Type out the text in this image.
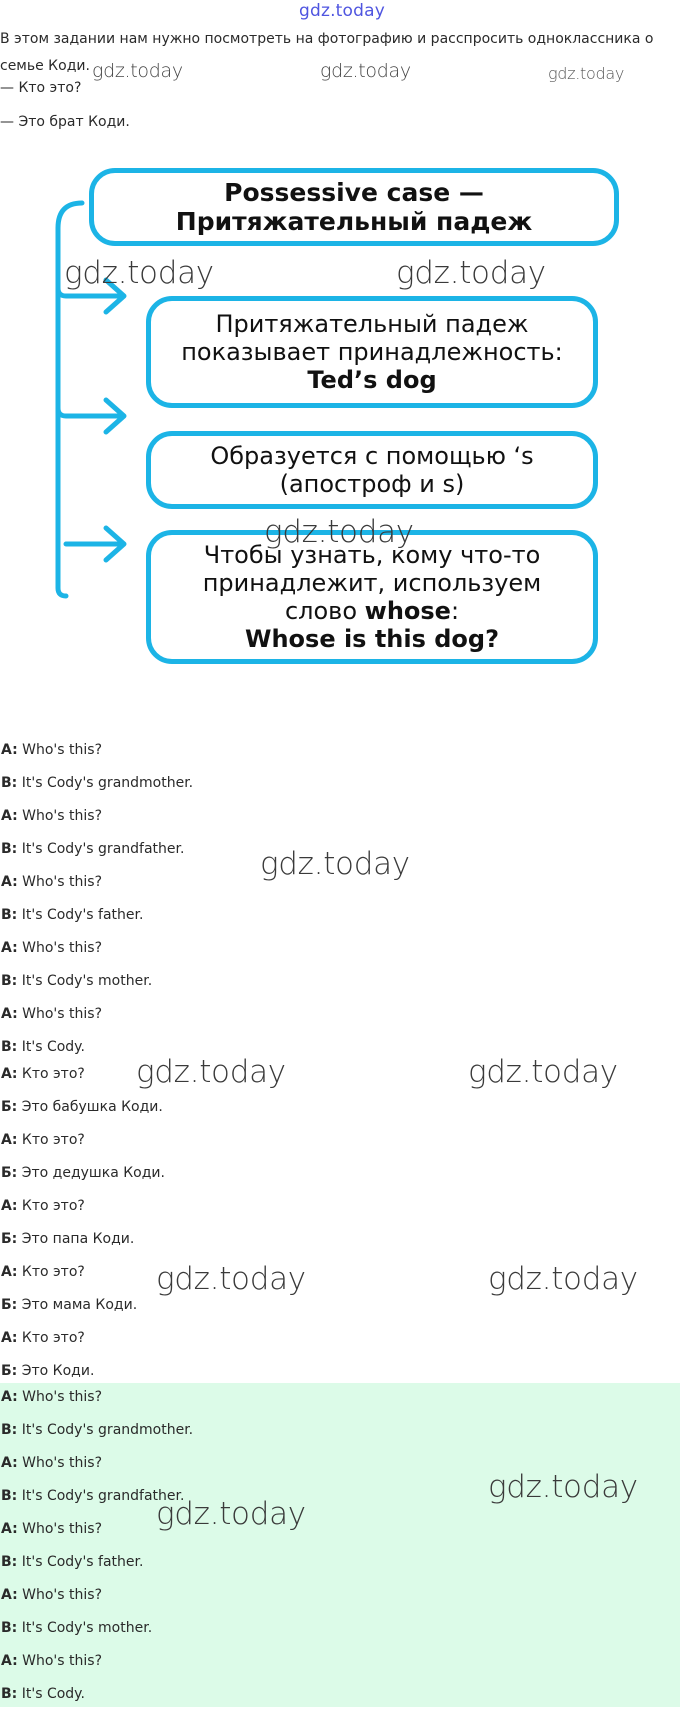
gdz.today

В этом задании нам нужно посмотреть на фотографию и расспросить одноклассника о семье Коди.

— Кто это?
— Это брат Коди.
Possessive case — Притяжательный падеж
Притяжательный падеж показывает принадлежность:
Ted’s dog
Образуется с помощью ‘s (апостроф и s)
Чтобы узнать, кому что-то принадлежит, используем слово whose:
Whose is this dog?
A: Who's this?
B: It's Cody's grandmother.
A: Who's this?
B: It's Cody's grandfather.
A: Who's this?
B: It's Cody's father.
A: Who's this?
B: It's Cody's mother.
A: Who's this?
B: It's Cody.
А: Кто это?
Б: Это бабушка Коди.
А: Кто это?
Б: Это дедушка Коди.
А: Кто это?
Б: Это папа Коди.
А: Кто это?
Б: Это мама Коди.
А: Кто это?
Б: Это Коди.
A: Who's this?
B: It's Cody's grandmother.
A: Who's this?
B: It's Cody's grandfather.
A: Who's this?
B: It's Cody's father.
A: Who's this?
B: It's Cody's mother.
A: Who's this?
B: It's Cody.
gdz.today	gdz.today	gdz.today
gdz.today	gdz.today
gdz.today
gdz.today
gdz.today	gdz.today
gdz.today	gdz.today
gdz.today
gdz.today
